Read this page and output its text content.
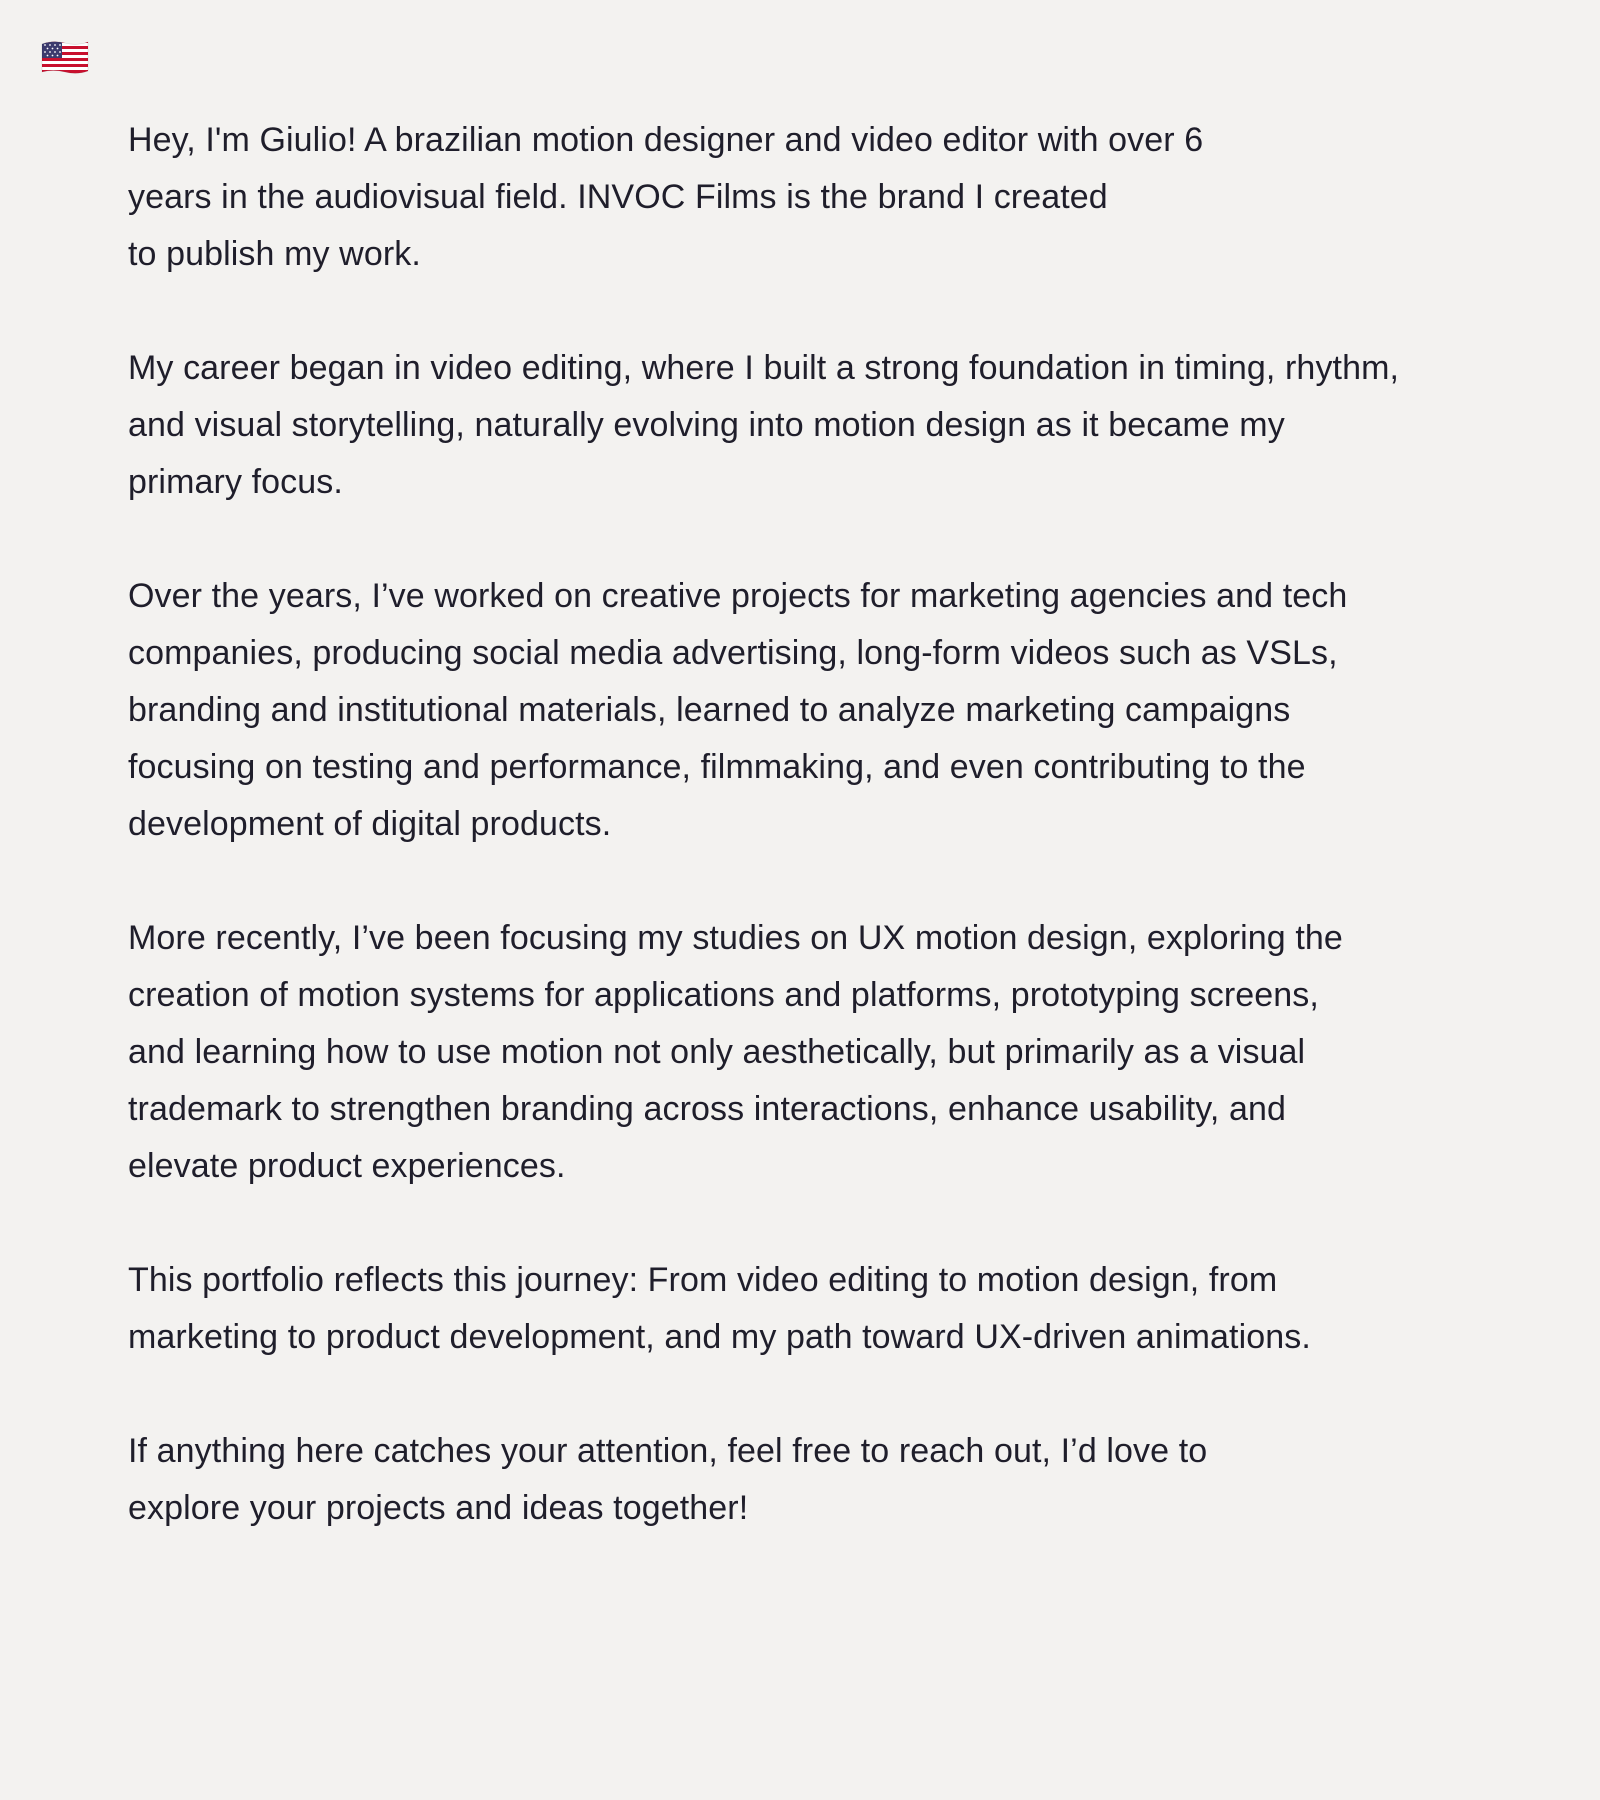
Hey, I'm Giulio! A brazilian motion designer and video editor with over 6
years in the audiovisual field. INVOC Films is the brand I created
to publish my work.

My career began in video editing, where I built a strong foundation in timing, rhythm,
and visual storytelling, naturally evolving into motion design as it became my
primary focus.

Over the years, I’ve worked on creative projects for marketing agencies and tech
companies, producing social media advertising, long-form videos such as VSLs,
branding and institutional materials, learned to analyze marketing campaigns
focusing on testing and performance, filmmaking, and even contributing to the
development of digital products.

More recently, I’ve been focusing my studies on UX motion design, exploring the
creation of motion systems for applications and platforms, prototyping screens,
and learning how to use motion not only aesthetically, but primarily as a visual
trademark to strengthen branding across interactions, enhance usability, and
elevate product experiences.

This portfolio reflects this journey: From video editing to motion design, from
marketing to product development, and my path toward UX-driven animations.

If anything here catches your attention, feel free to reach out, I’d love to
explore your projects and ideas together!
